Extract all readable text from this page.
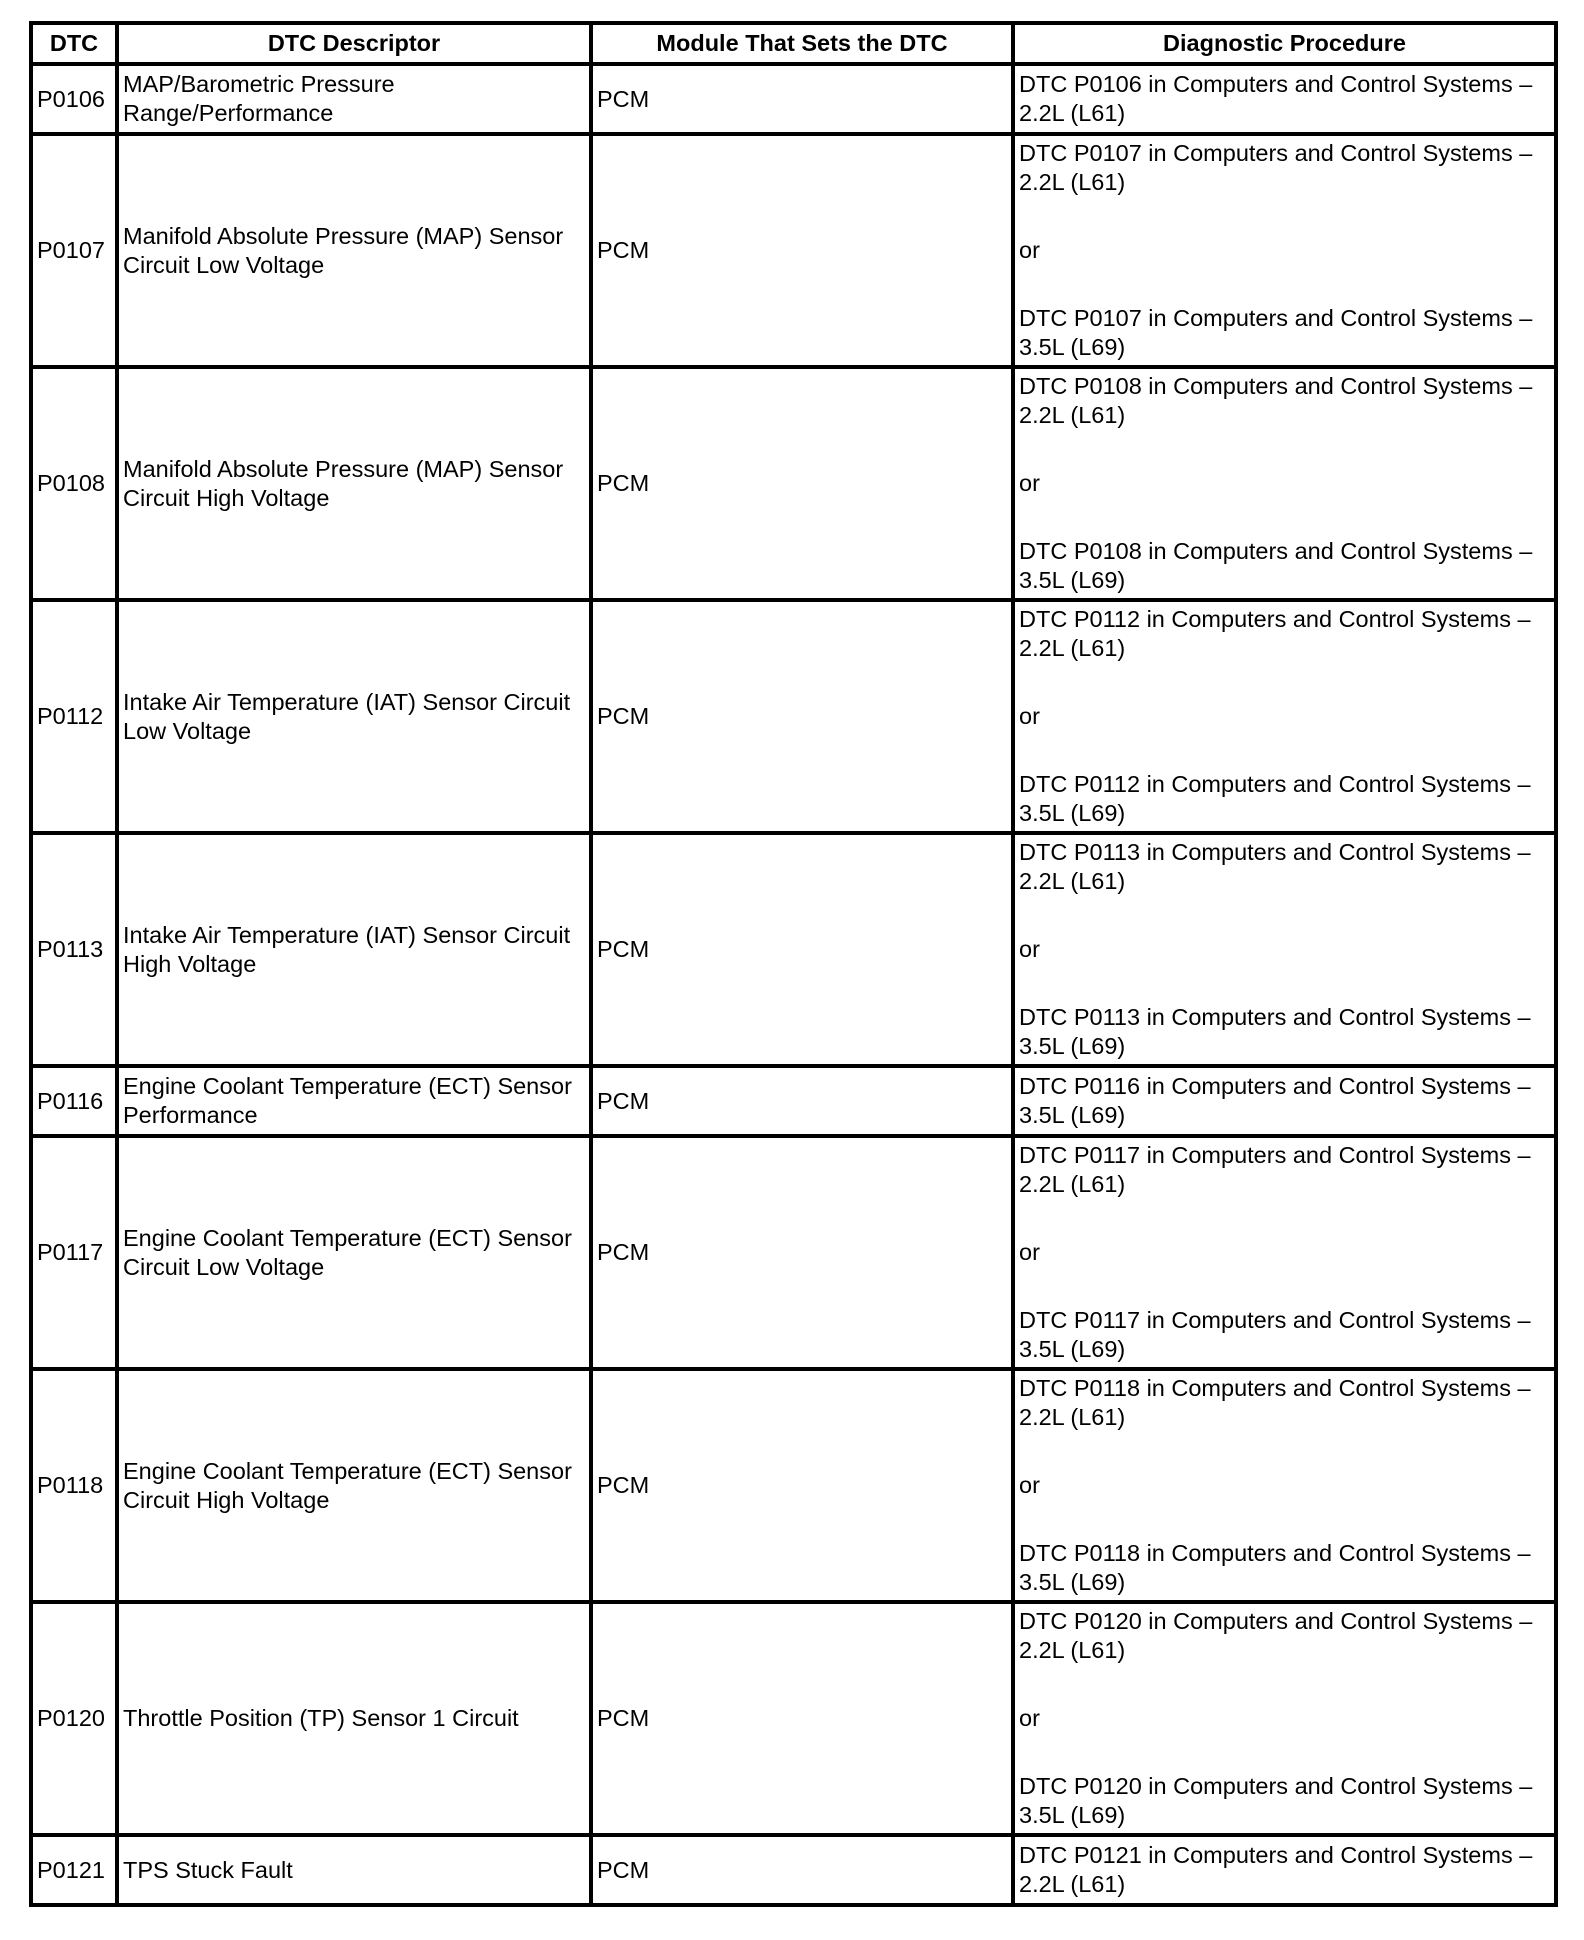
DTC	DTC Descriptor	Module That Sets the DTC	Diagnostic Procedure
P0106	MAP/Barometric Pressure Range/Performance	PCM	DTC P0106 in Computers and Control Systems – 2.2L (L61)

P0107	Manifold Absolute Pressure (MAP) Sensor Circuit Low Voltage	PCM	DTC P0107 in Computers and Control Systems – 2.2L (L61)
or
DTC P0107 in Computers and Control Systems – 3.5L (L69)

P0108	Manifold Absolute Pressure (MAP) Sensor Circuit High Voltage	PCM	DTC P0108 in Computers and Control Systems – 2.2L (L61)
or
DTC P0108 in Computers and Control Systems – 3.5L (L69)

P0112	Intake Air Temperature (IAT) Sensor Circuit Low Voltage	PCM	DTC P0112 in Computers and Control Systems – 2.2L (L61)
or
DTC P0112 in Computers and Control Systems – 3.5L (L69)

P0113	Intake Air Temperature (IAT) Sensor Circuit High Voltage	PCM	DTC P0113 in Computers and Control Systems – 2.2L (L61)
or
DTC P0113 in Computers and Control Systems – 3.5L (L69)

P0116	Engine Coolant Temperature (ECT) Sensor Performance	PCM	DTC P0116 in Computers and Control Systems – 3.5L (L69)

P0117	Engine Coolant Temperature (ECT) Sensor Circuit Low Voltage	PCM	DTC P0117 in Computers and Control Systems – 2.2L (L61)
or
DTC P0117 in Computers and Control Systems – 3.5L (L69)

P0118	Engine Coolant Temperature (ECT) Sensor Circuit High Voltage	PCM	DTC P0118 in Computers and Control Systems – 2.2L (L61)
or
DTC P0118 in Computers and Control Systems – 3.5L (L69)

P0120	Throttle Position (TP) Sensor 1 Circuit	PCM	DTC P0120 in Computers and Control Systems – 2.2L (L61)
or
DTC P0120 in Computers and Control Systems – 3.5L (L69)

P0121	TPS Stuck Fault	PCM	DTC P0121 in Computers and Control Systems – 2.2L (L61)
